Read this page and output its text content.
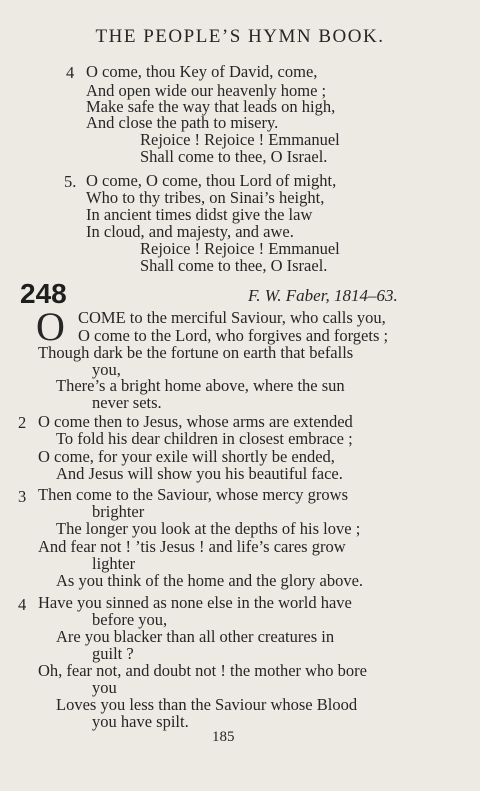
THE PEOPLE’S HYMN BOOK.
4 O come, thou Key of David, come,
And open wide our heavenly home ;
Make safe the way that leads on high,
And close the path to misery.
Rejoice ! Rejoice ! Emmanuel
Shall come to thee, O Israel.
5. O come, O come, thou Lord of might,
Who to thy tribes, on Sinai’s height,
In ancient times didst give the law
In cloud, and majesty, and awe.
Rejoice ! Rejoice ! Emmanuel
Shall come to thee, O Israel.
248	F. W. Faber, 1814–63.
O COME to the merciful Saviour, who calls you,
O come to the Lord, who forgives and forgets ;
Though dark be the fortune on earth that befalls
you,
There’s a bright home above, where the sun
never sets.
2 O come then to Jesus, whose arms are extended
To fold his dear children in closest embrace ;
O come, for your exile will shortly be ended,
And Jesus will show you his beautiful face.
3 Then come to the Saviour, whose mercy grows
brighter
The longer you look at the depths of his love ;
And fear not ! ’tis Jesus ! and life’s cares grow
lighter
As you think of the home and the glory above.
4 Have you sinned as none else in the world have
before you,
Are you blacker than all other creatures in
guilt ?
Oh, fear not, and doubt not ! the mother who bore
you
Loves you less than the Saviour whose Blood
you have spilt.
185
